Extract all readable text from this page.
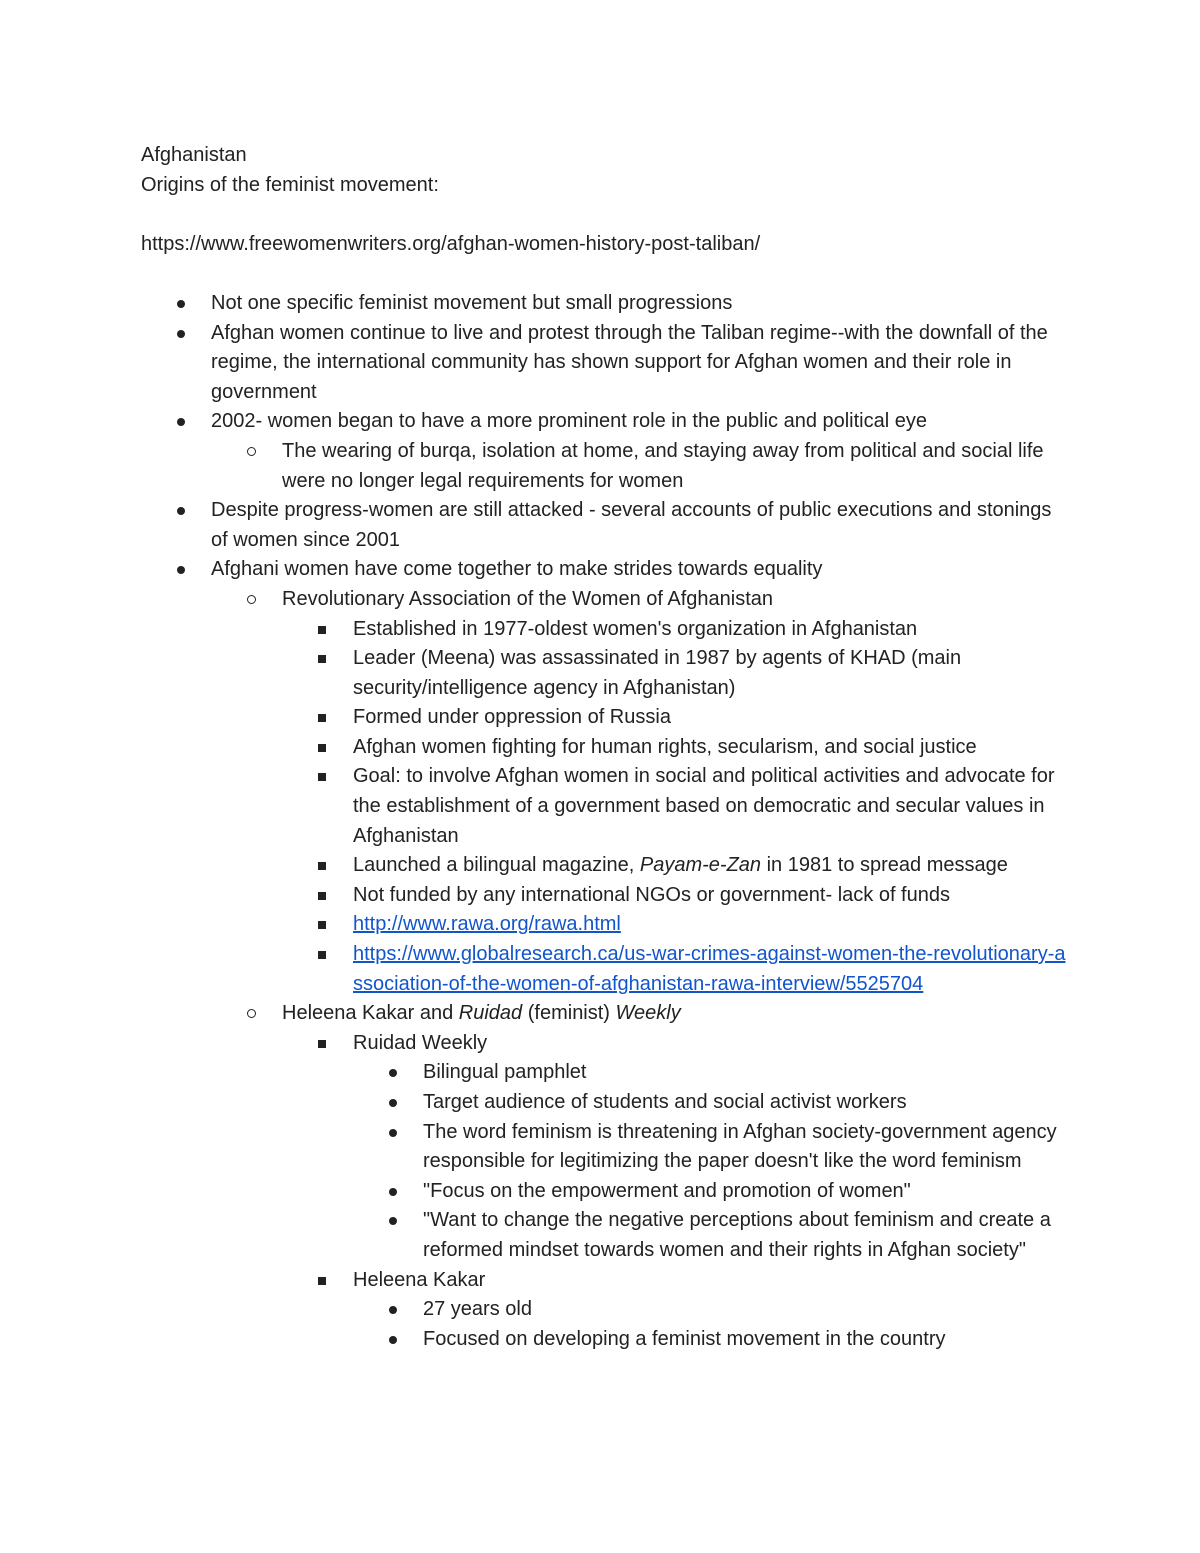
Afghanistan

Origins of the feminist movement:

https://www.freewomenwriters.org/afghan-women-history-post-taliban/

Not one specific feminist movement but small progressions
Afghan women continue to live and protest through the Taliban regime--with the downfall of the regime, the international community has shown support for Afghan women and their role in government
2002- women began to have a more prominent role in the public and political eye
The wearing of burqa, isolation at home, and staying away from political and social life were no longer legal requirements for women
Despite progress-women are still attacked - several accounts of public executions and stonings of women since 2001
Afghani women have come together to make strides towards equality
Revolutionary Association of the Women of Afghanistan
Established in 1977-oldest women's organization in Afghanistan
Leader (Meena) was assassinated in 1987 by agents of KHAD (main security/intelligence agency in Afghanistan)
Formed under oppression of Russia
Afghan women fighting for human rights, secularism, and social justice
Goal: to involve Afghan women in social and political activities and advocate for the establishment of a government based on democratic and secular values in Afghanistan
Launched a bilingual magazine, Payam-e-Zan in 1981 to spread message
Not funded by any international NGOs or government- lack of funds
http://www.rawa.org/rawa.html
https://www.globalresearch.ca/us-war-crimes-against-women-the-revolutionary-association-of-the-women-of-afghanistan-rawa-interview/5525704
Heleena Kakar and Ruidad (feminist) Weekly
Ruidad Weekly
Bilingual pamphlet
Target audience of students and social activist workers
The word feminism is threatening in Afghan society-government agency responsible for legitimizing the paper doesn't like the word feminism
"Focus on the empowerment and promotion of women"
"Want to change the negative perceptions about feminism and create a reformed mindset towards women and their rights in Afghan society"
Heleena Kakar
27 years old
Focused on developing a feminist movement in the country
